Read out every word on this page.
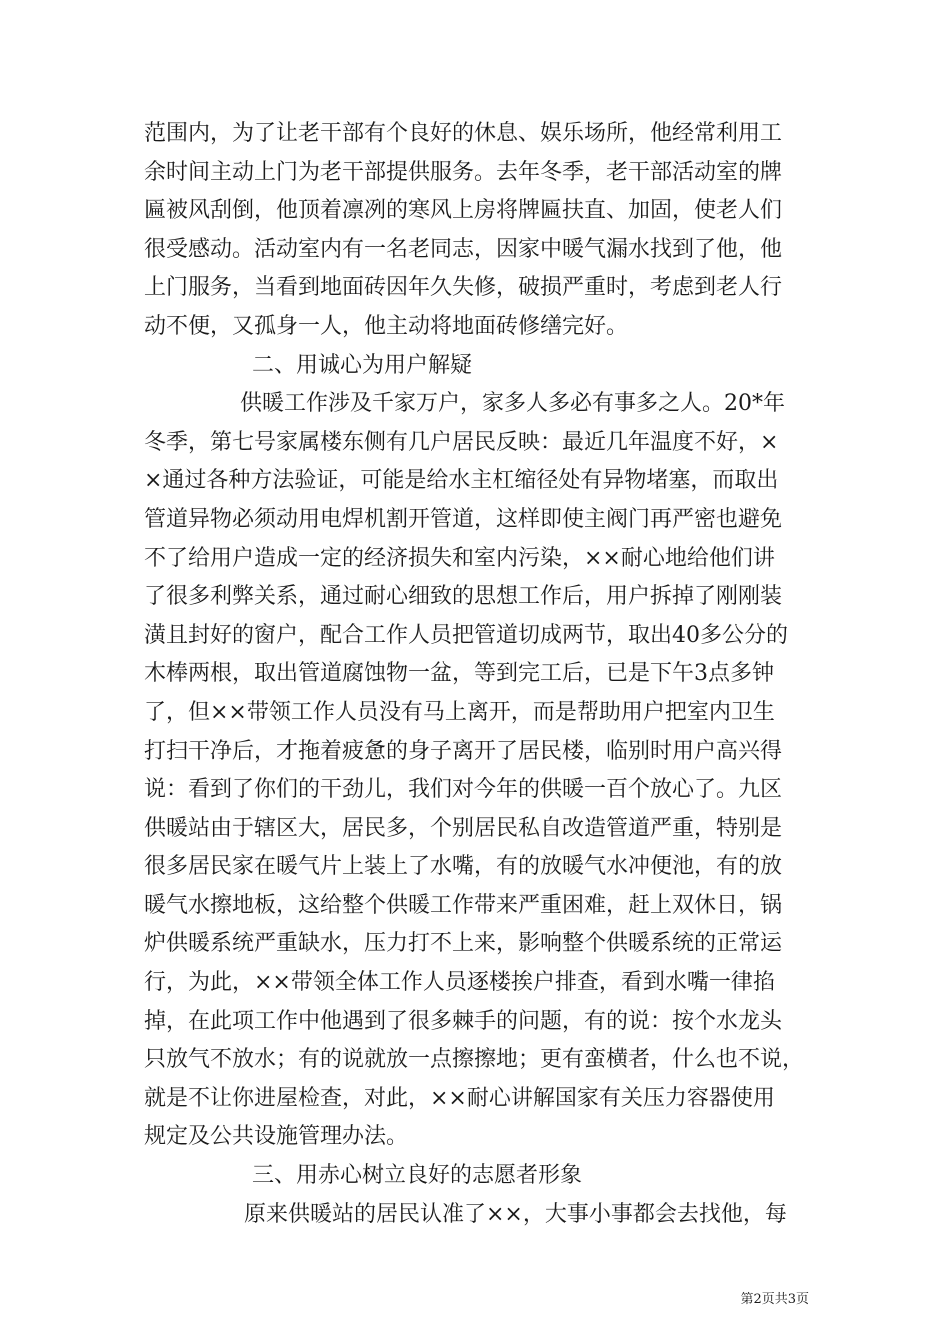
范围内，为了让老干部有个良好的休息、娱乐场所，他经常利用工
余时间主动上门为老干部提供服务。去年冬季，老干部活动室的牌
匾被风刮倒，他顶着凛冽的寒风上房将牌匾扶直、加固，使老人们
很受感动。活动室内有一名老同志，因家中暖气漏水找到了他，他
上门服务，当看到地面砖因年久失修，破损严重时，考虑到老人行
动不便，又孤身一人，他主动将地面砖修缮完好。
二、用诚心为用户解疑
供暖工作涉及千家万户，家多人多必有事多之人。20*年
冬季，第七号家属楼东侧有几户居民反映：最近几年温度不好，×
×通过各种方法验证，可能是给水主杠缩径处有异物堵塞，而取出
管道异物必须动用电焊机割开管道，这样即使主阀门再严密也避免
不了给用户造成一定的经济损失和室内污染，××耐心地给他们讲
了很多利弊关系，通过耐心细致的思想工作后，用户拆掉了刚刚装
潢且封好的窗户，配合工作人员把管道切成两节，取出40多公分的
木棒两根，取出管道腐蚀物一盆，等到完工后，已是下午3点多钟
了，但××带领工作人员没有马上离开，而是帮助用户把室内卫生
打扫干净后，才拖着疲惫的身子离开了居民楼，临别时用户高兴得
说：看到了你们的干劲儿，我们对今年的供暖一百个放心了。九区
供暖站由于辖区大，居民多，个别居民私自改造管道严重，特别是
很多居民家在暖气片上装上了水嘴，有的放暖气水冲便池，有的放
暖气水擦地板，这给整个供暖工作带来严重困难，赶上双休日，锅
炉供暖系统严重缺水，压力打不上来，影响整个供暖系统的正常运
行，为此，××带领全体工作人员逐楼挨户排查，看到水嘴一律掐
掉，在此项工作中他遇到了很多棘手的问题，有的说：按个水龙头
只放气不放水；有的说就放一点擦擦地；更有蛮横者，什么也不说，
就是不让你进屋检查，对此，××耐心讲解国家有关压力容器使用
规定及公共设施管理办法。
三、用赤心树立良好的志愿者形象
原来供暖站的居民认准了××，大事小事都会去找他，每
第2页共3页
